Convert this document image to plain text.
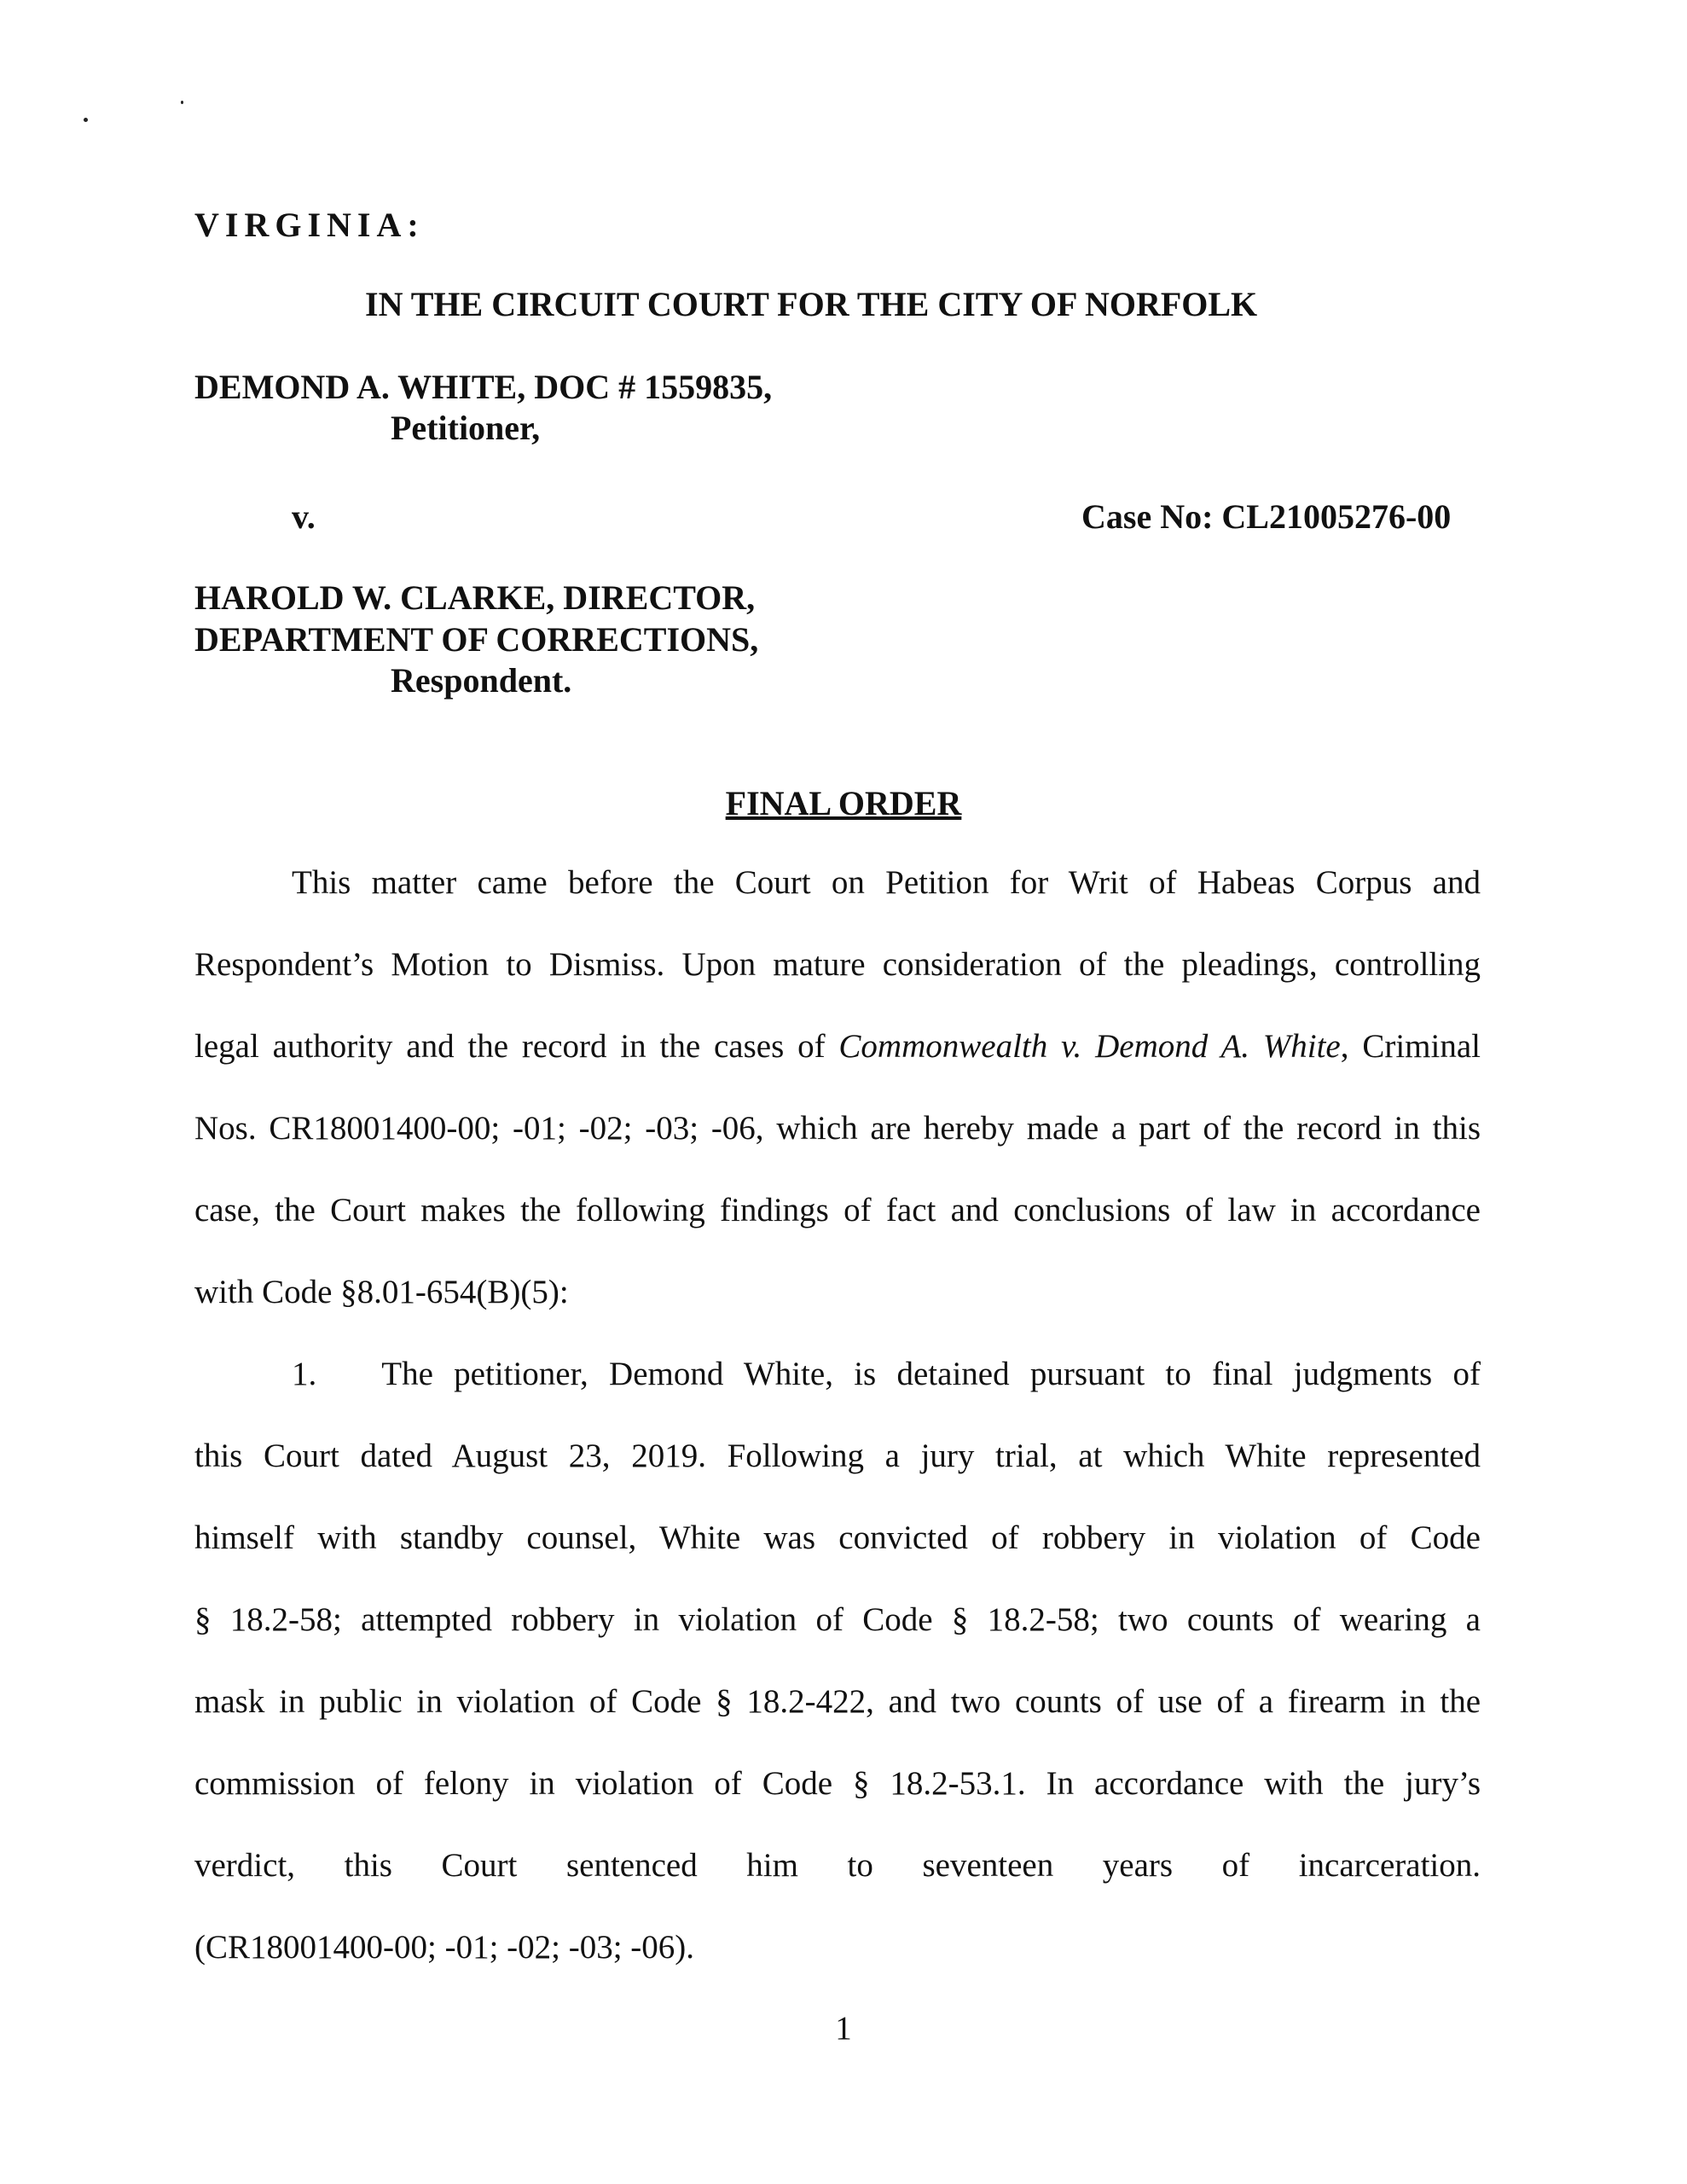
VIRGINIA:
IN THE CIRCUIT COURT FOR THE CITY OF NORFOLK
DEMOND A. WHITE, DOC # 1559835,
Petitioner,
v.	Case No: CL21005276-00
HAROLD W. CLARKE, DIRECTOR,
DEPARTMENT OF CORRECTIONS,
Respondent.
FINAL ORDER
This matter came before the Court on Petition for Writ of Habeas Corpus and
Respondent’s Motion to Dismiss. Upon mature consideration of the pleadings, controlling
legal authority and the record in the cases of Commonwealth v. Demond A. White, Criminal
Nos. CR18001400-00; -01; -02; -03; -06, which are hereby made a part of the record in this
case, the Court makes the following findings of fact and conclusions of law in accordance
with Code §8.01-654(B)(5):
1. The petitioner, Demond White, is detained pursuant to final judgments of
this Court dated August 23, 2019. Following a jury trial, at which White represented
himself with standby counsel, White was convicted of robbery in violation of Code
§ 18.2-58; attempted robbery in violation of Code § 18.2-58; two counts of wearing a
mask in public in violation of Code § 18.2-422, and two counts of use of a firearm in the
commission of felony in violation of Code § 18.2-53.1. In accordance with the jury’s
verdict, this Court sentenced him to seventeen years of incarceration.
(CR18001400-00; -01; -02; -03; -06).
1
